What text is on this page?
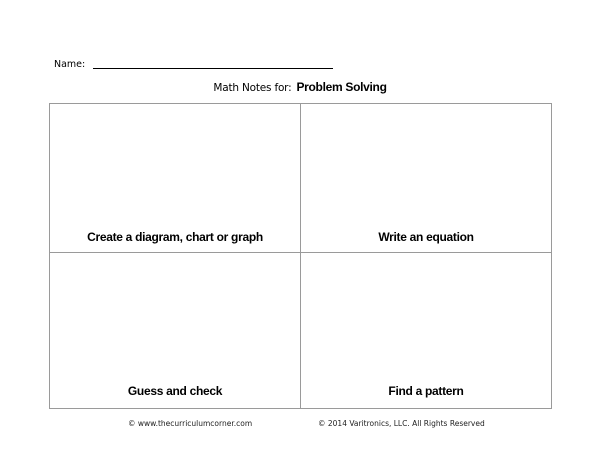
Name:
Math Notes for: Problem Solving
Create a diagram, chart or graph	Write an equation
Guess and check	Find a pattern
© www.thecurriculumcorner.com	© 2014 Varitronics, LLC. All Rights Reserved
